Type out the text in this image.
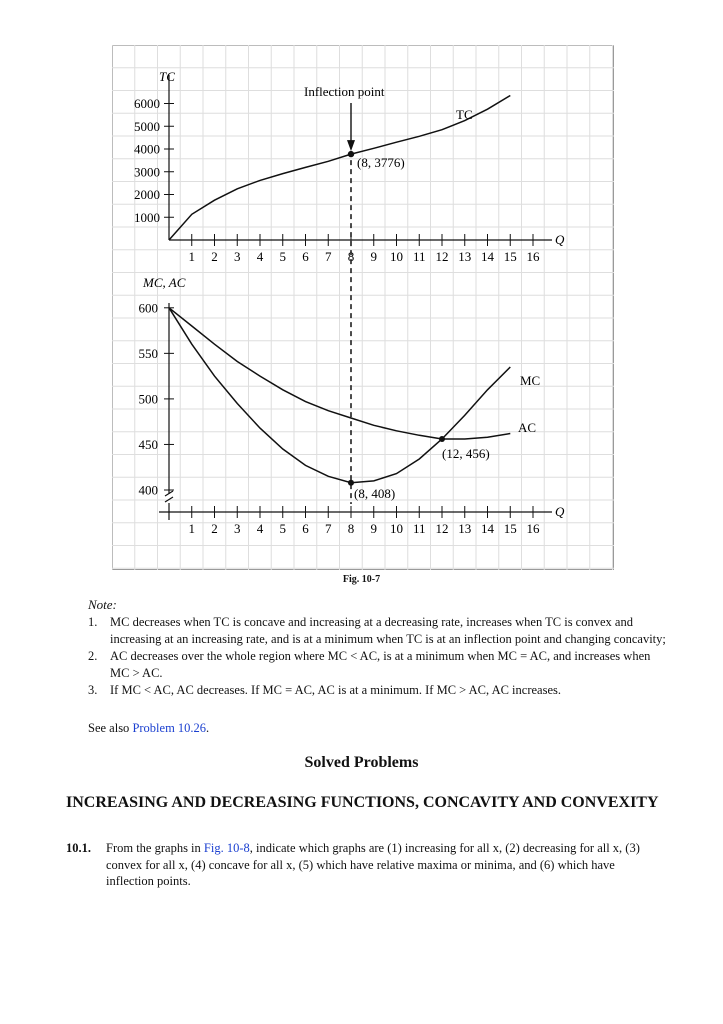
1000
2000
3000
4000
5000
6000
1 2 3 4 5 6 7 8 9 10 11 12 13 14 15 16
400
450
500
550
600
1 2 3 4 5 6 7 8 9 10 11 12 13 14 15 16
TC
Q
Inflection point
TC
(8, 3776)
MC, AC
Q
MC
AC
(12, 456)
(8, 408)
Fig. 10-7
Note:
1. MC decreases when TC is concave and increasing at a decreasing rate, increases when TC is convex and increasing at an increasing rate, and is at a minimum when TC is at an inflection point and changing concavity;
2. AC decreases over the whole region where MC < AC, is at a minimum when MC = AC, and increases when MC > AC.
3. If MC < AC, AC decreases. If MC = AC, AC is at a minimum. If MC > AC, AC increases.
See also Problem 10.26.
Solved Problems
INCREASING AND DECREASING FUNCTIONS, CONCAVITY AND CONVEXITY
10.1. From the graphs in Fig. 10-8, indicate which graphs are (1) increasing for all x, (2) decreasing for all x, (3) convex for all x, (4) concave for all x, (5) which have relative maxima or minima, and (6) which have inflection points.
